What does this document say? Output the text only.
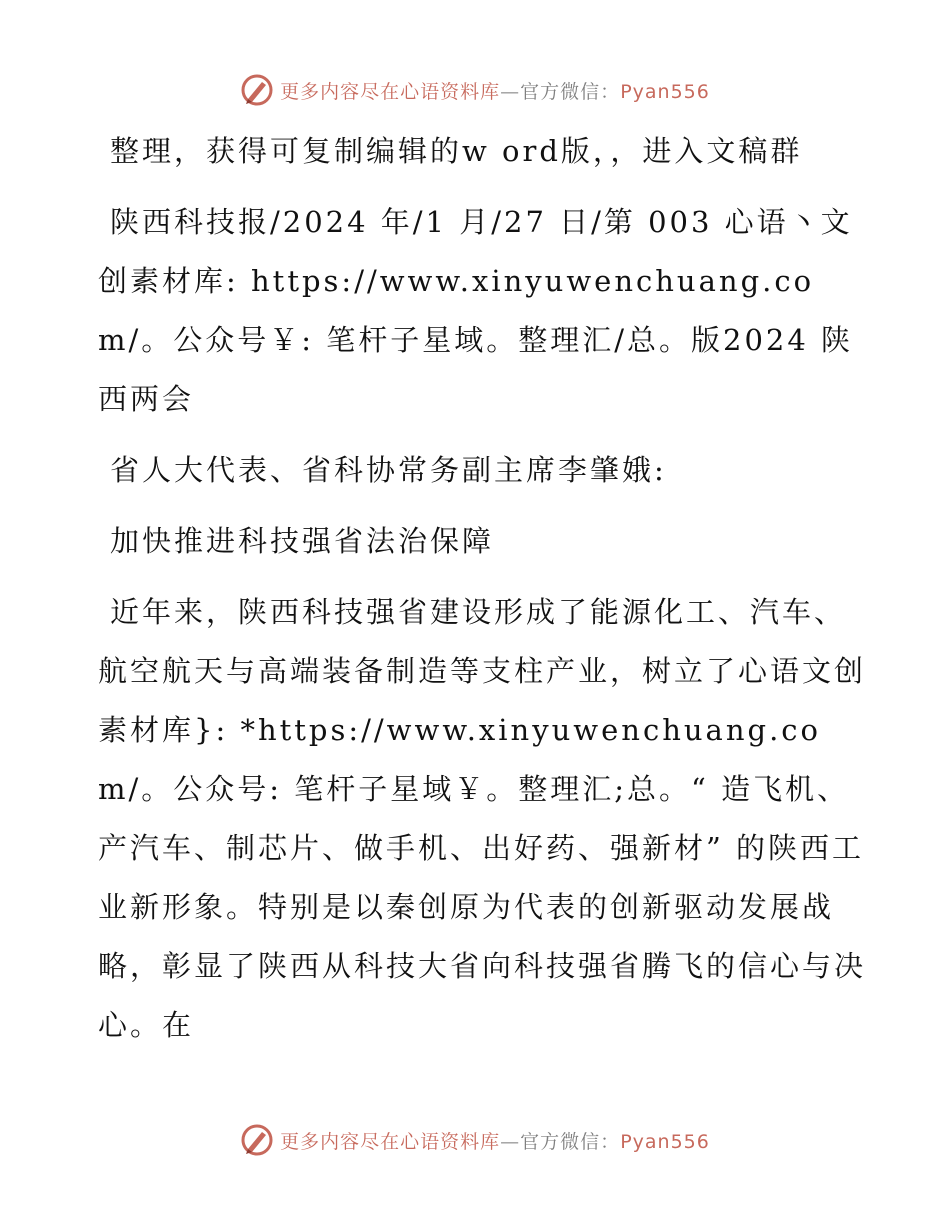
更多内容尽在心语资料库—官方微信：Pyan556

整理，获得可复制编辑的w ord版，，进入文稿群

陕西科技报/2024 年/1 月/27 日/第 003 心语丶文创素材库: https://www.xinyuwenchuang.com/。公众号￥: 笔杆子星域。整理汇/总。版2024 陕西两会

省人大代表、省科协常务副主席李肇娥:

加快推进科技强省法治保障

近年来，陕西科技强省建设形成了能源化工、汽车、航空航天与高端装备制造等支柱产业，树立了心语文创素材库}: *https://www.xinyuwenchuang.com/。公众号: 笔杆子星域￥。整理汇;总。“ 造飞机、产汽车、制芯片、做手机、出好药、强新材” 的陕西工业新形象。特别是以秦创原为代表的创新驱动发展战略，彰显了陕西从科技大省向科技强省腾飞的信心与决心。在

更多内容尽在心语资料库—官方微信：Pyan556
